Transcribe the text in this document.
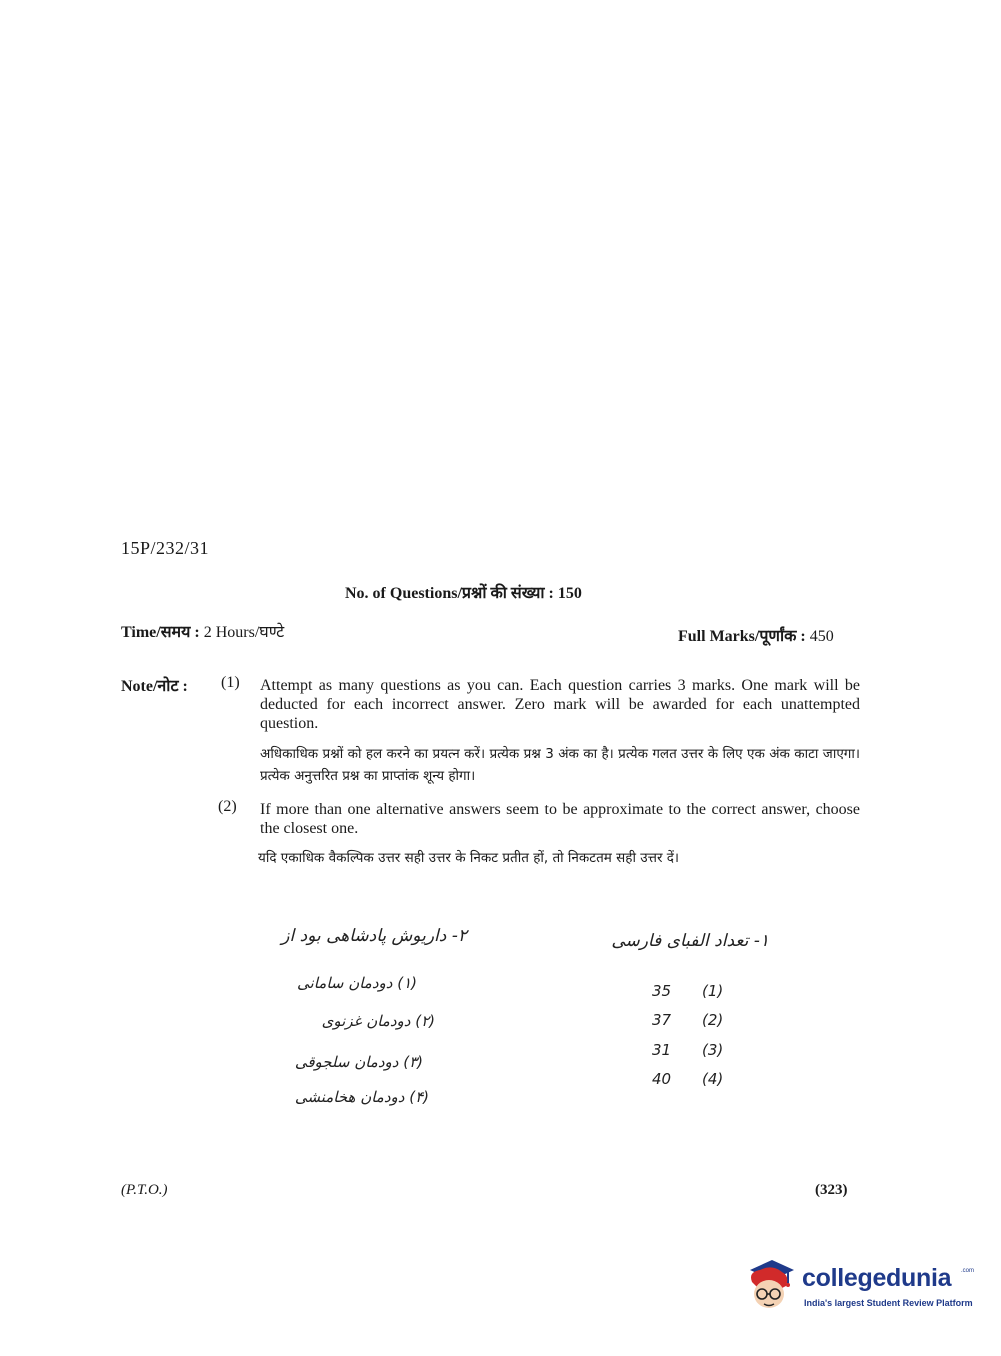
15P/232/31
No. of Questions/प्रश्नों की संख्या : 150
Time/समय : 2 Hours/घण्टे	Full Marks/पूर्णांक : 450
Note/नोट : (1) Attempt as many questions as you can. Each question carries 3 marks. One mark will be deducted for each incorrect answer. Zero mark will be awarded for each unattempted question.
अधिकाधिक प्रश्नों को हल करने का प्रयत्न करें। प्रत्येक प्रश्न 3 अंक का है। प्रत्येक गलत उत्तर के लिए एक अंक काटा जाएगा। प्रत्येक अनुत्तरित प्रश्न का प्राप्तांक शून्य होगा।
(2) If more than one alternative answers seem to be approximate to the correct answer, choose the closest one.
यदि एकाधिक वैकल्पिक उत्तर सही उत्तर के निकट प्रतीत हों, तो निकटतम सही उत्तर दें।
۲- داریوش پادشاهی بود از
(۱) دودمان سامانی
(۲) دودمان غزنوی
(۳) دودمان سلجوقی
(۴) دودمان هخامنشی
۱- تعداد الفبای فارسی
35 (1)
37 (2)
31 (3)
40 (4)
(P.T.O.)	(323)
collegedunia .com
India's largest Student Review Platform
